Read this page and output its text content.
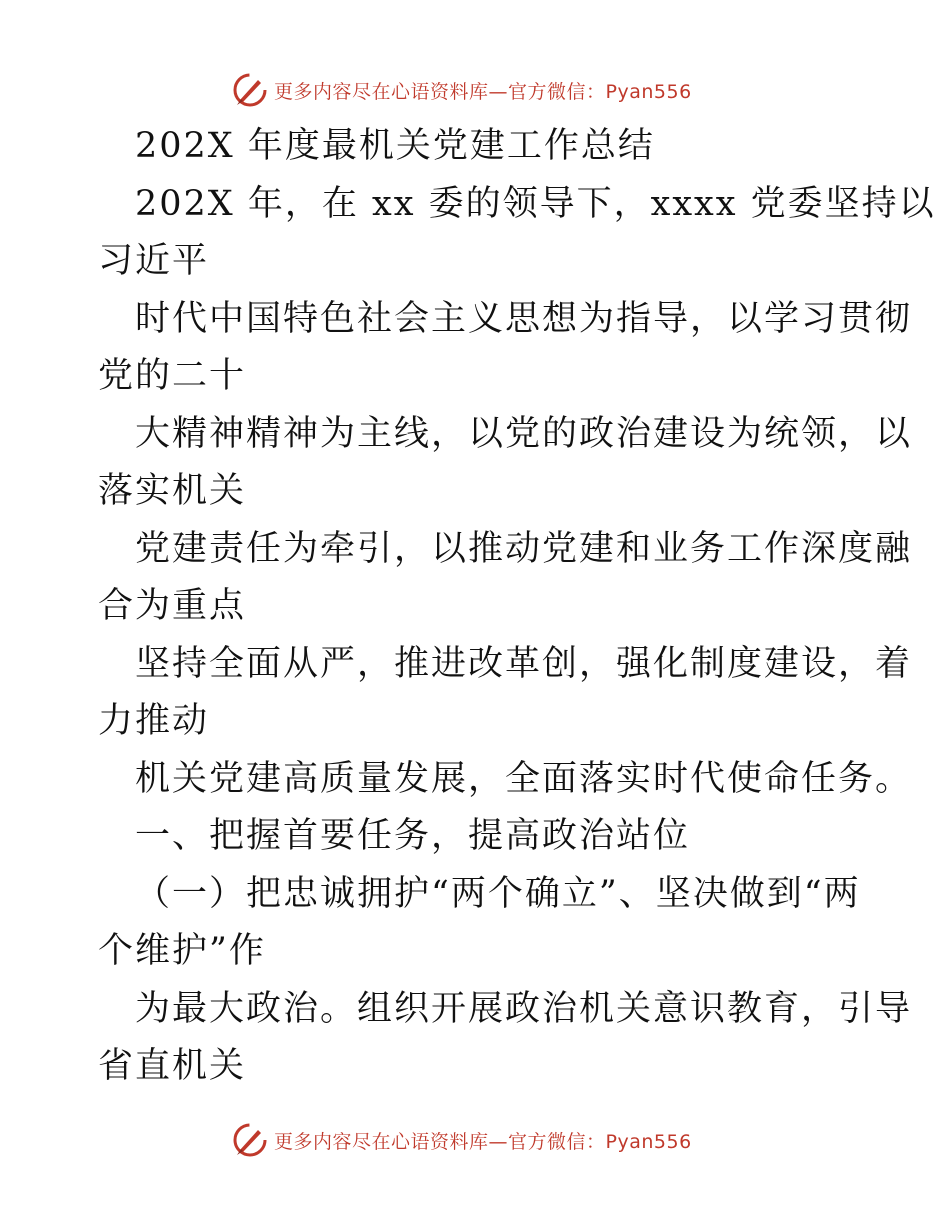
更多内容尽在心语资料库—官方微信：Pyan556
202X 年度最机关党建工作总结
202X 年，在 xx 委的领导下，xxxx 党委坚持以
习近平
时代中国特色社会主义思想为指导，以学习贯彻
党的二十
大精神精神为主线，以党的政治建设为统领，以
落实机关
党建责任为牵引，以推动党建和业务工作深度融
合为重点
坚持全面从严，推进改革创，强化制度建设，着
力推动
机关党建高质量发展，全面落实时代使命任务。
一、把握首要任务，提高政治站位
（一）把忠诚拥护“两个确立”、坚决做到“两
个维护”作
为最大政治。组织开展政治机关意识教育，引导
省直机关
更多内容尽在心语资料库—官方微信：Pyan556
